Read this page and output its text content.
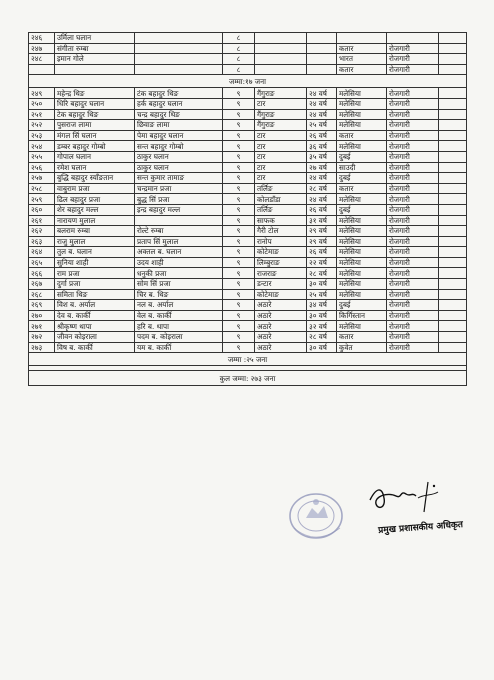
२४६	उर्मिला घलान		८					
२४७	संगीता रुम्बा		८			कतार	रोजगारी	
२४८	इमान गोले		८			भारत	रोजगारी	
			८			कतार	रोजगारी	
जम्मा:१७ जना								
२४९	महेन्द्र थिङ	टंक बहादुर थिङ	९	गैंगुराङ	२४ वर्ष	मलेसिया	रोजगारी	
२५०	धिरि बहादुर घलान	हर्क बहादुर घलान	९	टार	२४ वर्ष	मलेसिया	रोजगारी	
२५१	टेक बहादुर थिङ	चन्द्र बहादुर थिङ	९	गैंगुराङ	२४ वर्ष	मलेसिया	रोजगारी	
२५२	पुसराज लामा	छिवाङ लामा	९	गैंगुराङ	२५ वर्ष	मलेसिया	रोजगारी	
२५३	मंगल सिं घलान	पेमा बहादुर घलान	९	टार	२६ वर्ष	कतार	रोजगारी	
२५४	डम्बर बहादुर गोम्बो	सन्त बहादुर गोम्बो	९	टार	३६ वर्ष	मलेसिया	रोजगारी	
२५५	गोपाल घलान	ठाकुर घलान	९	टार	३५ वर्ष	दुबई	रोजगारी	
२५६	रमेश घलान	ठाकुर घलान	९	टार	२७ वर्ष	साउदी	रोजगारी	
२५७	बुद्धि बहादुर स्याँङतान	सन्त कुमार तामाङ	९	टार	२४ वर्ष	दुबई	रोजगारी	
२५८	वाबुराम प्रजा	चन्द्रमान प्रजा	९	तर्लिङ	२८ वर्ष	कतार	रोजगारी	
२५९	ढिल बहादुर प्रजा	बुद्ध सिं प्रजा	९	कोलडाँडा	२४ वर्ष	मलेसिया	रोजगारी	
२६०	शेर बहादुर मल्ल	इन्द्र बहादुर मल्ल	९	तर्लिङ	२६ वर्ष	दुबई	रोजगारी	
२६१	नारायण मुलाल		९	साफक	३१ वर्ष	मलेसिया	रोजगारी	
२६२	बलराम रुम्बा	रोल्टे रुम्बा	९	गैरी टोल	२९ वर्ष	मलेसिया	रोजगारी	
२६३	राजु मुलाल	प्रताप सिं मुलाल	९	रानोप	२९ वर्ष	मलेसिया	रोजगारी	
२६४	तुल ब. घलान	अक्तल ब. घलान	९	कोटेमाङ	२६ वर्ष	मलेसिया	रोजगारी	
२६५	सुनिया शाही	उदय शाही	९	लिम्बुराङ	२२ वर्ष	मलेसिया	रोजगारी	
२६६	राम प्रजा	धनुकी प्रजा	९	राजराङ	२८ वर्ष	मलेसिया	रोजगारी	
२६७	दुर्गा प्रजा	सोम सिं प्रजा	९	डन्टार	३० वर्ष	मलेसिया	रोजगारी	
२६८	समिता थिङ	चिर ब. थिङ	९	कोटेमाङ	२५ वर्ष	मलेसिया	रोजगारी	
२६९	विश ब. अर्याल	नल ब. अर्याल	९	अठारे	३४ वर्ष	दुबई	रोजगारी	
२७०	देव ब. कार्की	वेल ब. कार्की	९	अठारे	३० वर्ष	किर्गिस्तान	रोजगारी	
२७१	श्रीकृष्ण थापा	हरि ब. थापा	९	अठारे	३२ वर्ष	मलेसिया	रोजगारी	
२७२	जीवन कोइराला	पदम ब. कोइराला	९	अठारे	२८ वर्ष	कतार	रोजगारी	
२७३	विष ब. कार्की	यम ब. कार्की	९	अठारे	३० वर्ष	कुवेत	रोजगारी	
जम्मा :२५ जना								

कुल जम्मा: २७३ जना								
प्रमुख प्रशासकीय अधिकृत
